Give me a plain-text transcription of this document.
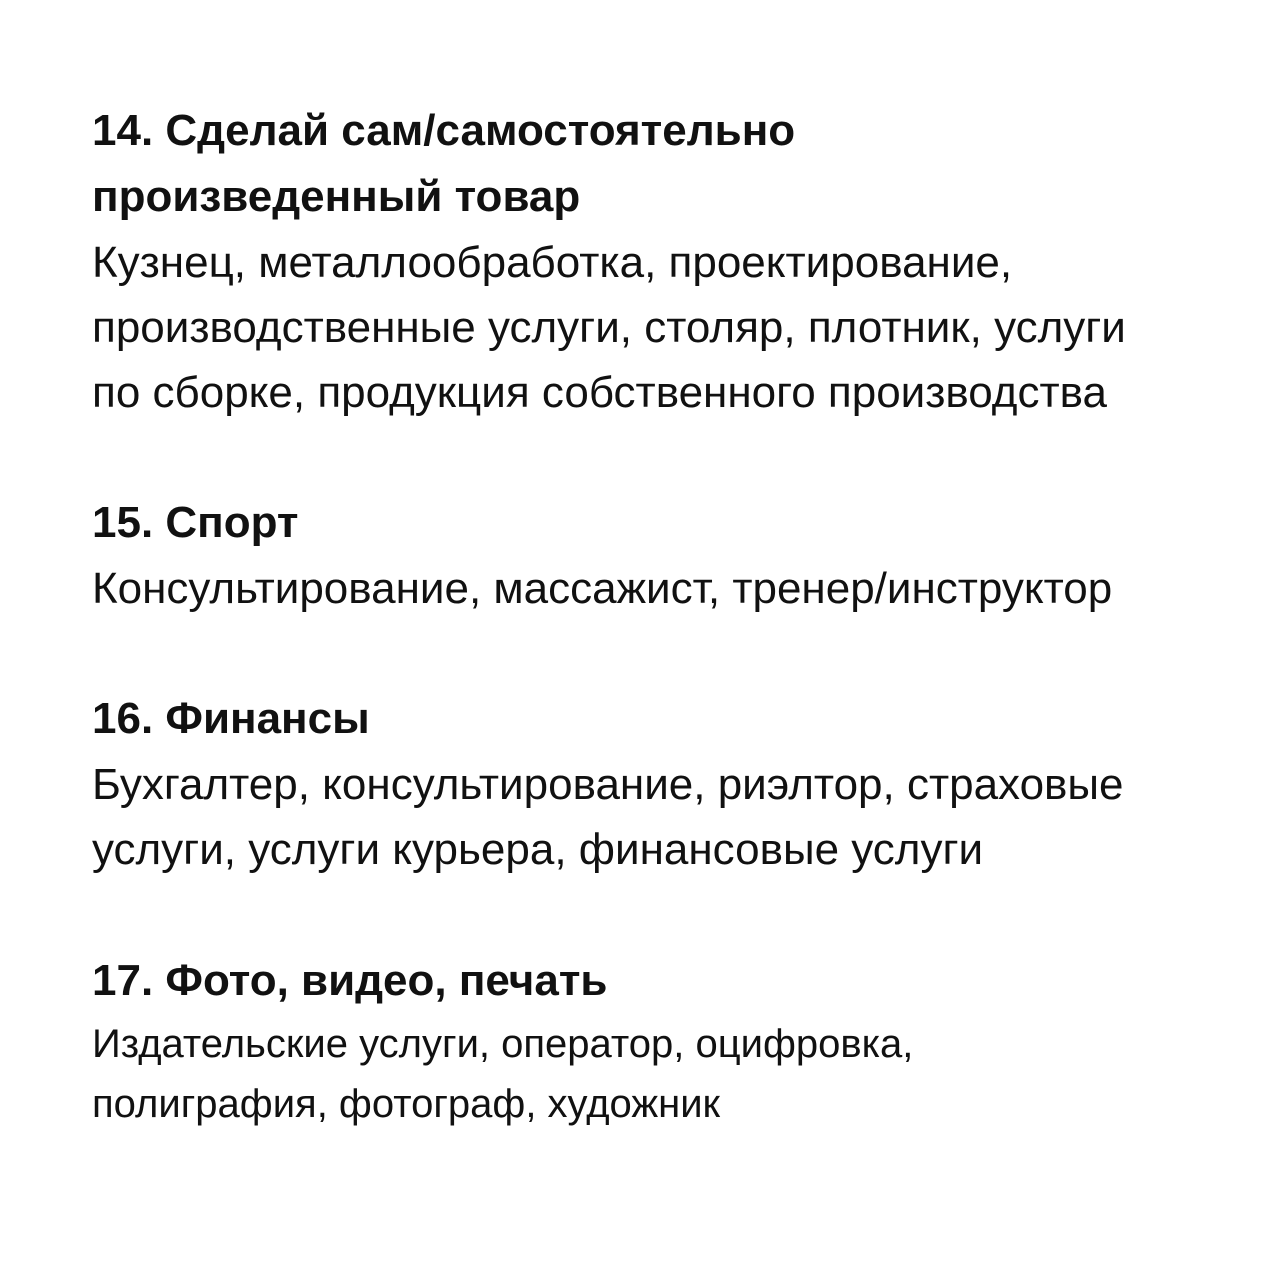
14. Сделай сам/самостоятельно
произведенный товар
Кузнец, металлообработка, проектирование,
производственные услуги, столяр, плотник, услуги
по сборке, продукция собственного производства
15. Спорт
Консультирование, массажист, тренер/инструктор
16. Финансы
Бухгалтер, консультирование, риэлтор, страховые
услуги, услуги курьера, финансовые услуги
17. Фото, видео, печать
Издательские услуги, оператор, оцифровка,
полиграфия, фотограф, художник
